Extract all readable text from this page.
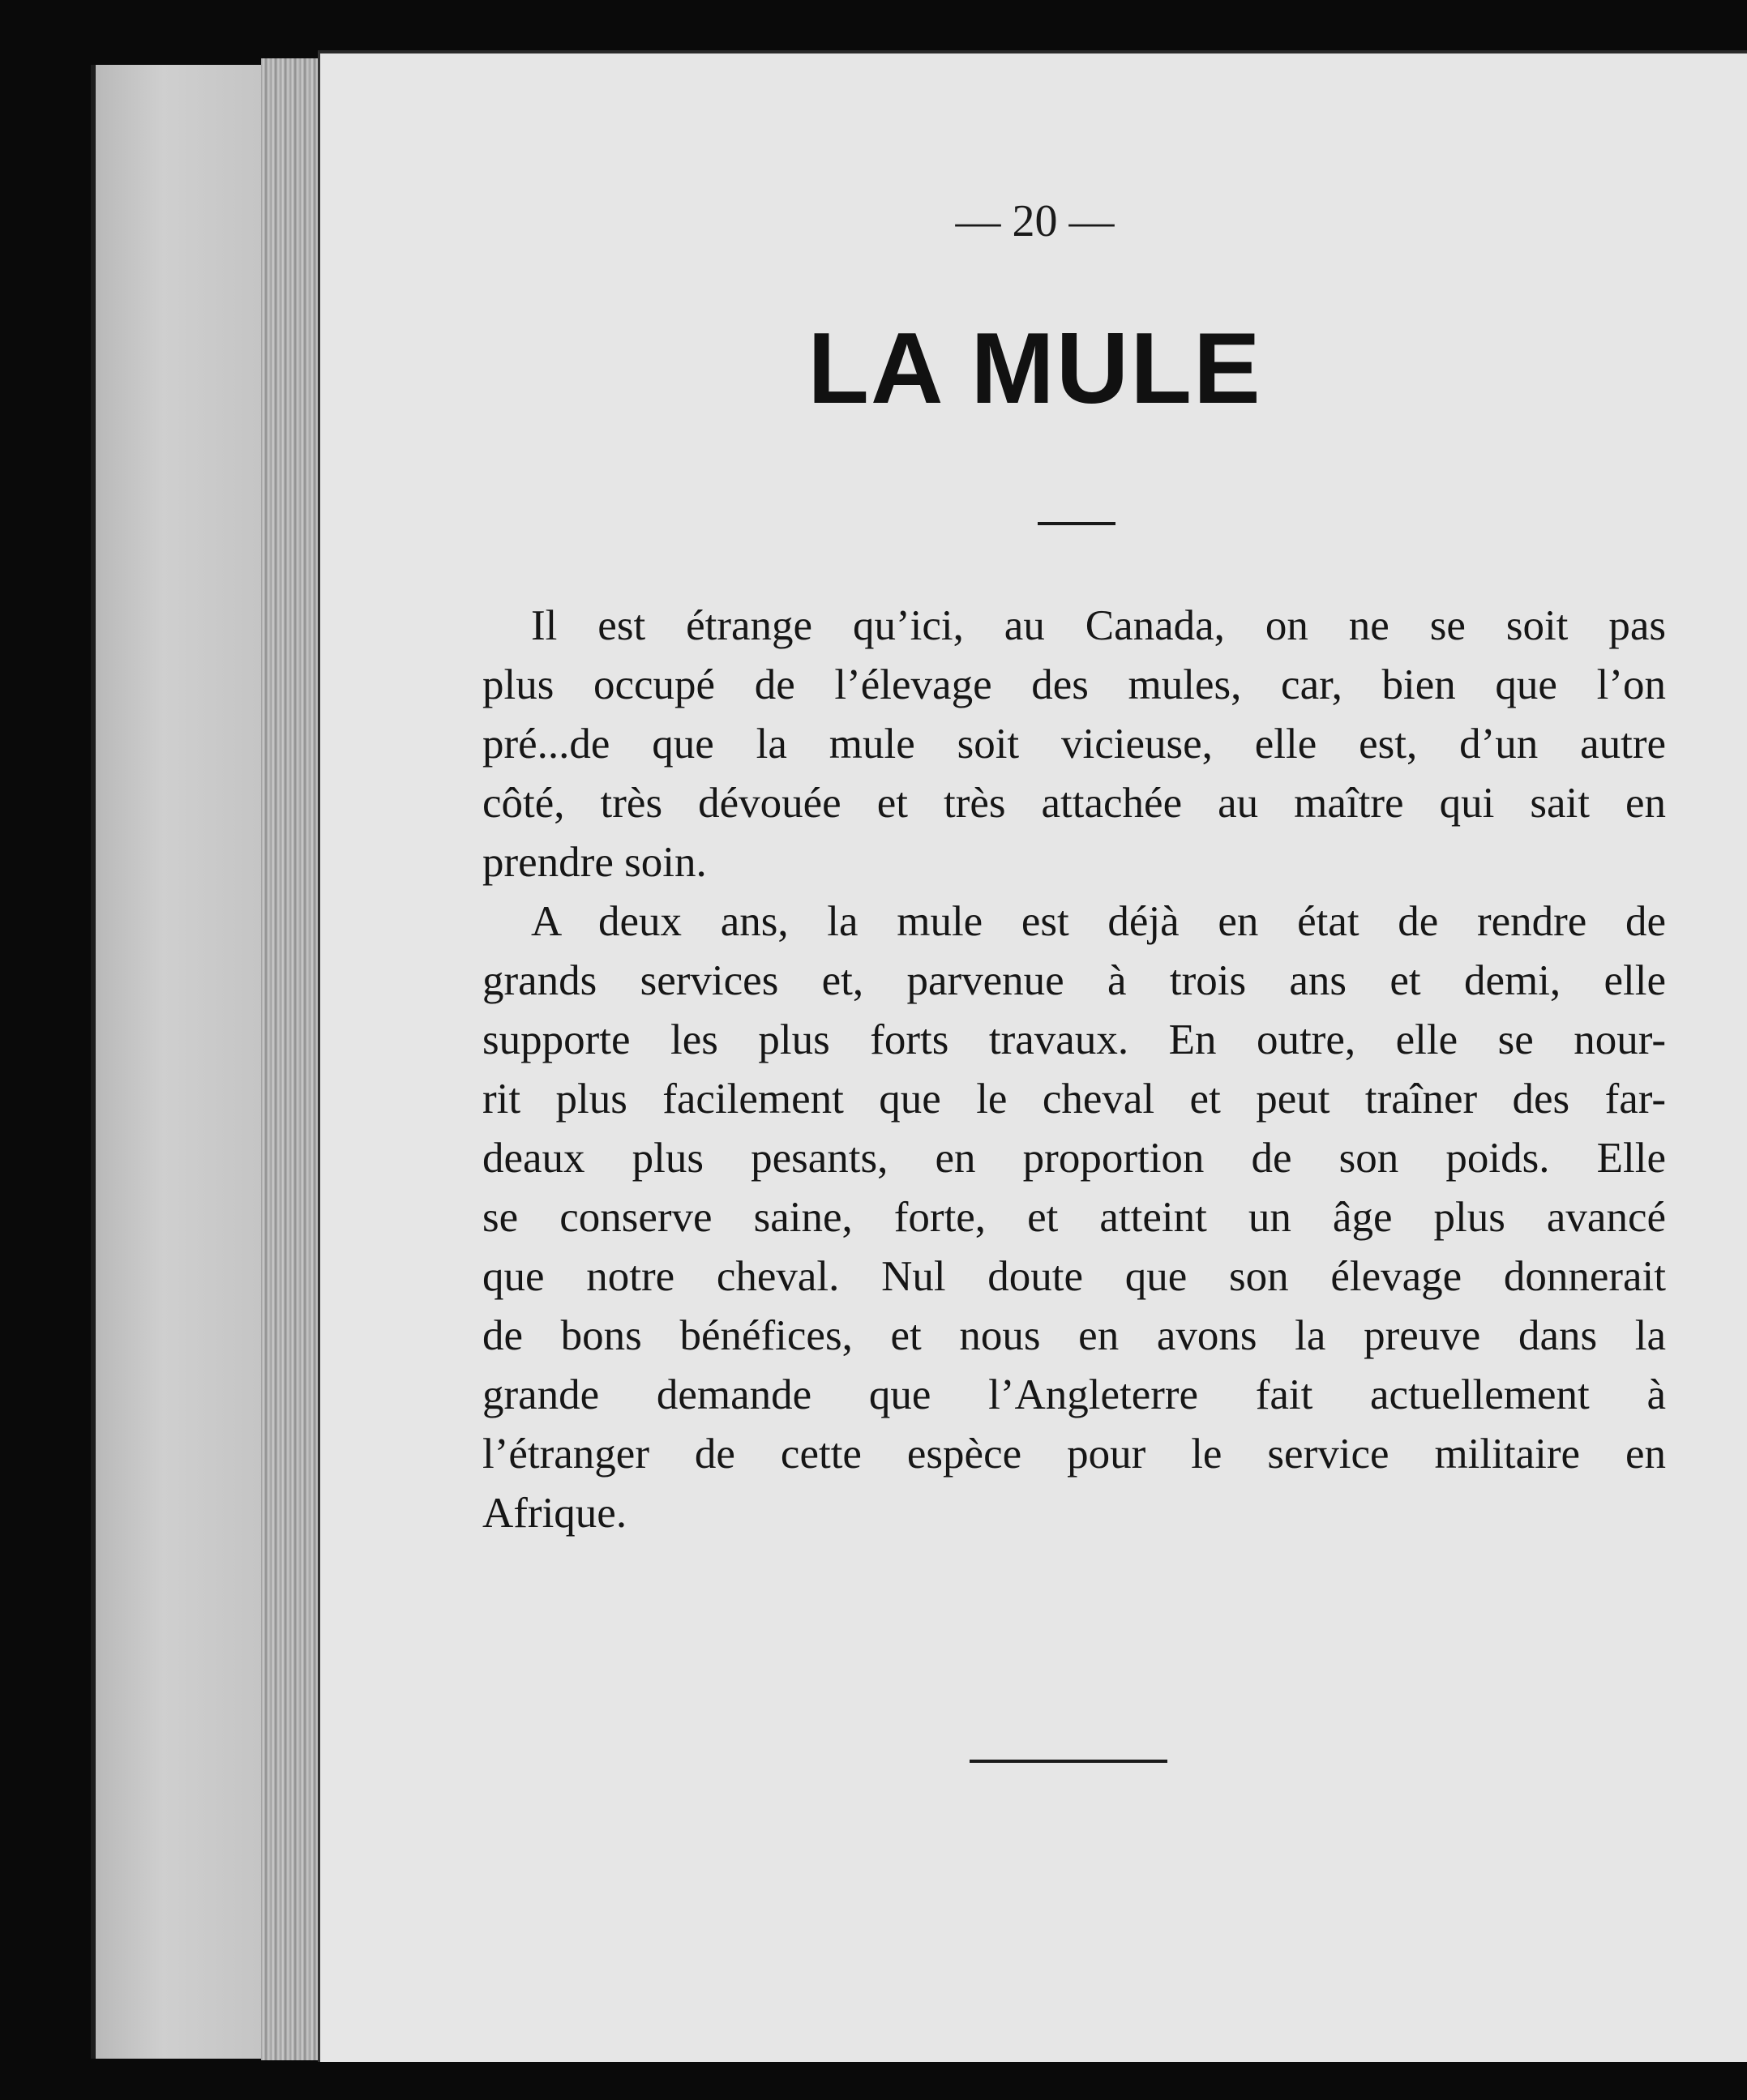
— 20 —
LA MULE
Il est étrange qu’ici, au Canada, on ne se soit pas
plus occupé de l’élevage des mules, car, bien que l’on
pré...de que la mule soit vicieuse, elle est, d’un autre
côté, très dévouée et très attachée au maître qui sait en
prendre soin.
A deux ans, la mule est déjà en état de rendre de
grands services et, parvenue à trois ans et demi, elle
supporte les plus forts travaux. En outre, elle se nour-
rit plus facilement que le cheval et peut traîner des far-
deaux plus pesants, en proportion de son poids. Elle
se conserve saine, forte, et atteint un âge plus avancé
que notre cheval. Nul doute que son élevage donnerait
de bons bénéfices, et nous en avons la preuve dans la
grande demande que l’Angleterre fait actuellement à
l’étranger de cette espèce pour le service militaire en
Afrique.
